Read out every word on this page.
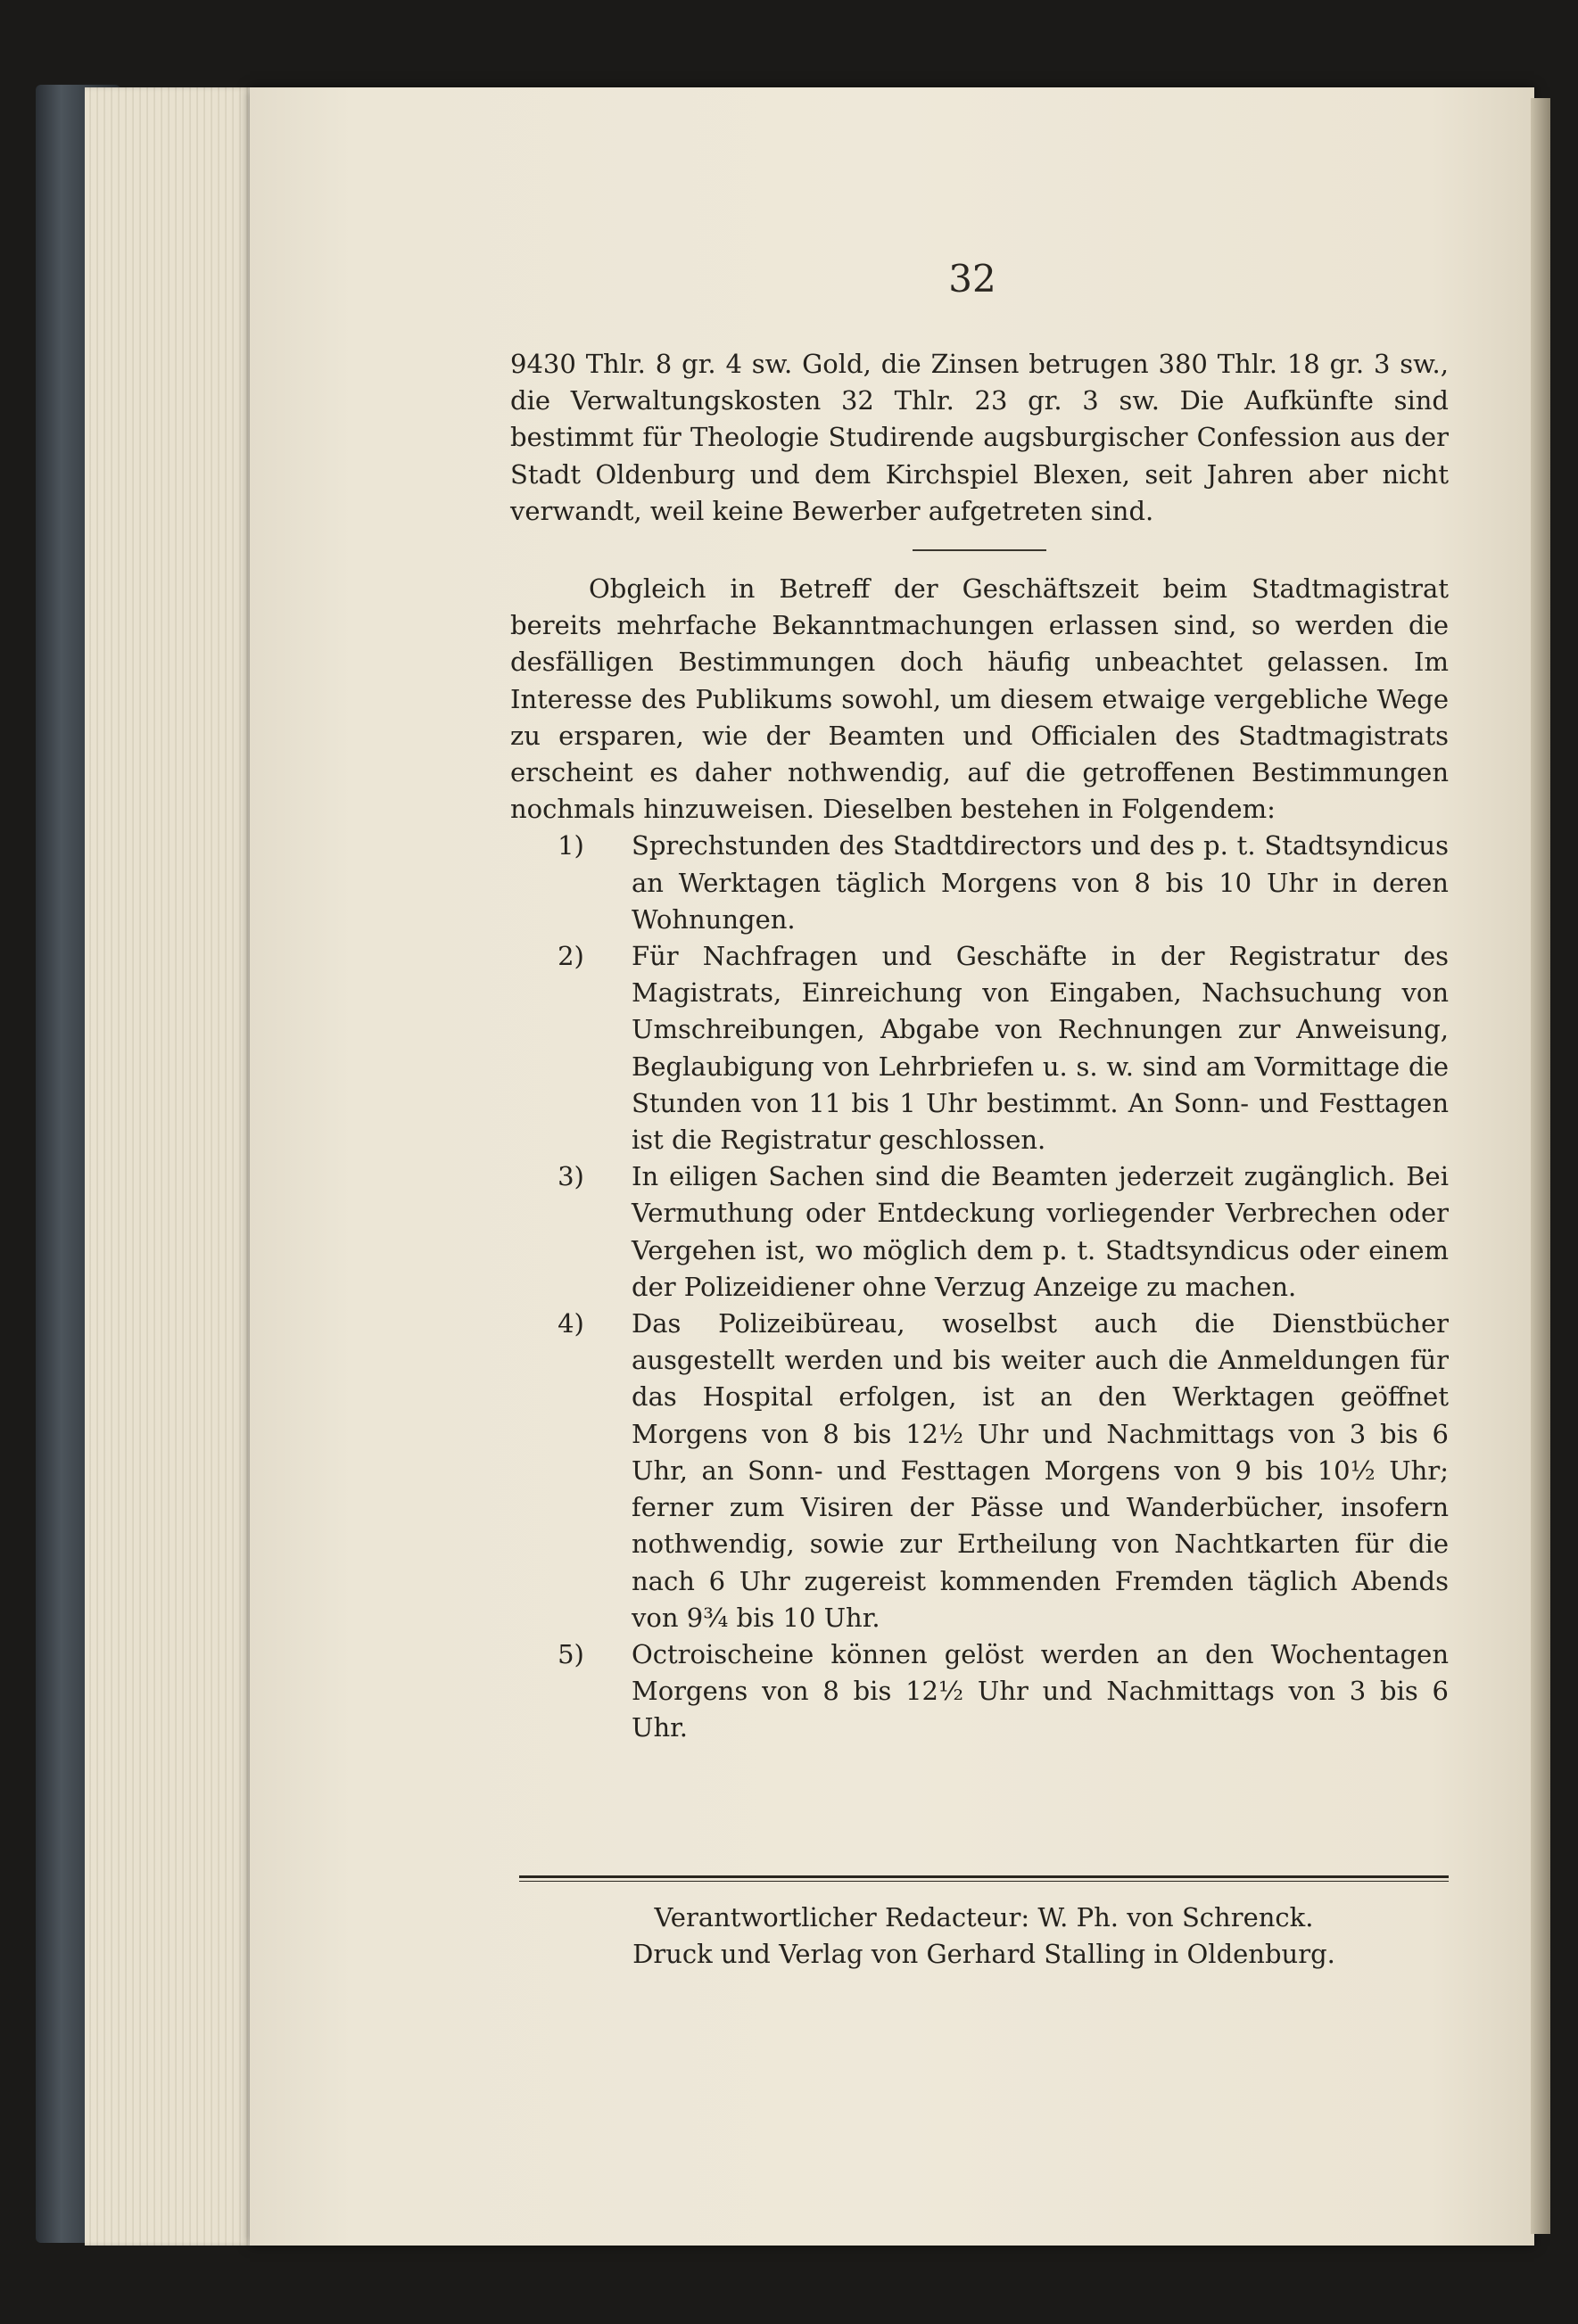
32

9430 Thlr. 8 gr. 4 sw. Gold, die Zinsen betrugen 380 Thlr. 18 gr. 3 sw., die Verwaltungskosten 32 Thlr. 23 gr. 3 sw. Die Aufkünfte sind bestimmt für Theologie Studirende augsburgischer Confession aus der Stadt Oldenburg und dem Kirchspiel Blexen, seit Jahren aber nicht verwandt, weil keine Bewerber aufgetreten sind.

Obgleich in Betreff der Geschäftszeit beim Stadtmagistrat bereits mehrfache Bekanntmachungen erlassen sind, so werden die desfälligen Bestimmungen doch häufig unbeachtet gelassen. Im Interesse des Publikums sowohl, um diesem etwaige vergebliche Wege zu ersparen, wie der Beamten und Officialen des Stadtmagistrats erscheint es daher nothwendig, auf die getroffenen Bestimmungen nochmals hinzuweisen. Dieselben bestehen in Folgendem:

1)	Sprechstunden des Stadtdirectors und des p. t. Stadtsyndicus an Werktagen täglich Morgens von 8 bis 10 Uhr in deren Wohnungen.
2)	Für Nachfragen und Geschäfte in der Registratur des Magistrats, Einreichung von Eingaben, Nachsuchung von Umschreibungen, Abgabe von Rechnungen zur Anweisung, Beglaubigung von Lehrbriefen u. s. w. sind am Vormittage die Stunden von 11 bis 1 Uhr bestimmt. An Sonn- und Festtagen ist die Registratur geschlossen.
3)	In eiligen Sachen sind die Beamten jederzeit zugänglich. Bei Vermuthung oder Entdeckung vorliegender Verbrechen oder Vergehen ist, wo möglich dem p. t. Stadtsyndicus oder einem der Polizeidiener ohne Verzug Anzeige zu machen.
4)	Das Polizeibüreau, woselbst auch die Dienstbücher ausgestellt werden und bis weiter auch die Anmeldungen für das Hospital erfolgen, ist an den Werktagen geöffnet Morgens von 8 bis 12½ Uhr und Nachmittags von 3 bis 6 Uhr, an Sonn- und Festtagen Morgens von 9 bis 10½ Uhr; ferner zum Visiren der Pässe und Wanderbücher, insofern nothwendig, sowie zur Ertheilung von Nachtkarten für die nach 6 Uhr zugereist kommenden Fremden täglich Abends von 9¾ bis 10 Uhr.
5)	Octroischeine können gelöst werden an den Wochentagen Morgens von 8 bis 12½ Uhr und Nachmittags von 3 bis 6 Uhr.
Verantwortlicher Redacteur: W. Ph. von Schrenck.
Druck und Verlag von Gerhard Stalling in Oldenburg.
